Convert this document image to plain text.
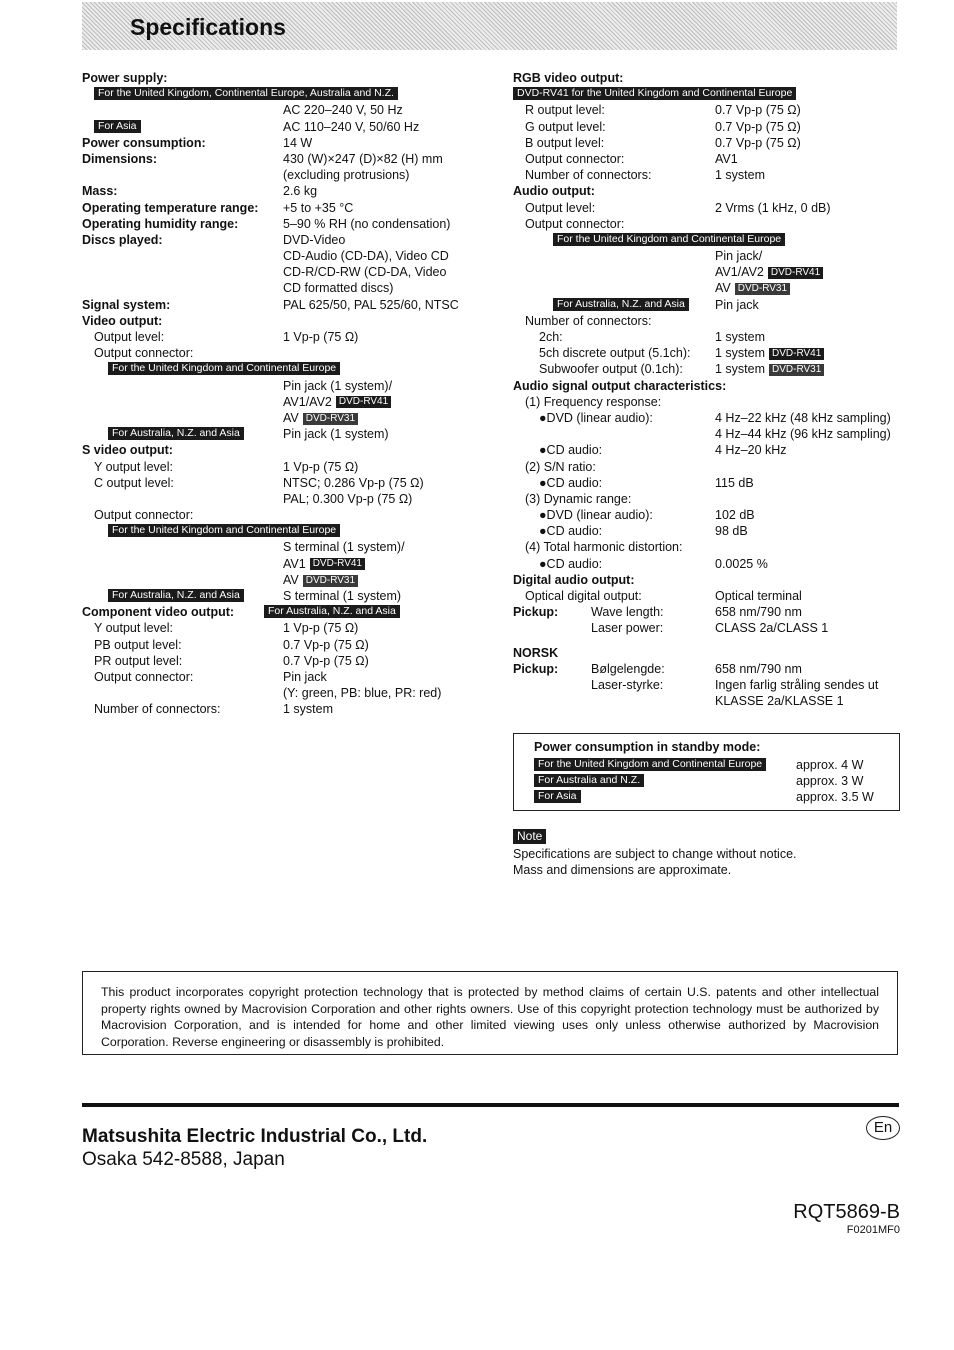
Specifications
Power supply:
For the United Kingdom, Continental Europe, Australia and N.Z.
AC 220–240 V, 50 Hz
For Asia	AC 110–240 V, 50/60 Hz
Power consumption:	14 W
Dimensions:	430 (W)×247 (D)×82 (H) mm
(excluding protrusions)
Mass:	2.6 kg
Operating temperature range: +5 to +35 °C
Operating humidity range:	5–90 % RH (no condensation)
Discs played:	DVD-Video
CD-Audio (CD-DA), Video CD
CD-R/CD-RW (CD-DA, Video
CD formatted discs)
Signal system:	PAL 625/50, PAL 525/60, NTSC
Video output:
Output level:	1 Vp-p (75 Ω)
Output connector:
For the United Kingdom and Continental Europe
Pin jack (1 system)/
AV1/AV2 DVD-RV41
AV DVD-RV31
For Australia, N.Z. and Asia	Pin jack (1 system)
S video output:
Y output level:	1 Vp-p (75 Ω)
C output level:	NTSC; 0.286 Vp-p (75 Ω)
PAL; 0.300 Vp-p (75 Ω)
Output connector:
For the United Kingdom and Continental Europe
S terminal (1 system)/
AV1 DVD-RV41
AV DVD-RV31
For Australia, N.Z. and Asia	S terminal (1 system)
Component video output:	For Australia, N.Z. and Asia
Y output level:	1 Vp-p (75 Ω)
PB output level:	0.7 Vp-p (75 Ω)
PR output level:	0.7 Vp-p (75 Ω)
Output connector:	Pin jack
(Y: green, PB: blue, PR: red)
Number of connectors:	1 system
RGB video output:
DVD-RV41 for the United Kingdom and Continental Europe
R output level:	0.7 Vp-p (75 Ω)
G output level:	0.7 Vp-p (75 Ω)
B output level:	0.7 Vp-p (75 Ω)
Output connector:	AV1
Number of connectors:	1 system
Audio output:
Output level:	2 Vrms (1 kHz, 0 dB)
Output connector:
For the United Kingdom and Continental Europe
Pin jack/
AV1/AV2 DVD-RV41
AV DVD-RV31
For Australia, N.Z. and Asia	Pin jack
Number of connectors:
2ch:	1 system
5ch discrete output (5.1ch): 1 system DVD-RV41
Subwoofer output (0.1ch):	1 system DVD-RV31
Audio signal output characteristics:
(1) Frequency response:
●DVD (linear audio):	4 Hz–22 kHz (48 kHz sampling)
4 Hz–44 kHz (96 kHz sampling)
●CD audio:	4 Hz–20 kHz
(2) S/N ratio:
●CD audio:	115 dB
(3) Dynamic range:
●DVD (linear audio):	102 dB
●CD audio:	98 dB
(4) Total harmonic distortion:
●CD audio:	0.0025 %
Digital audio output:
Optical digital output:	Optical terminal
Pickup:	Wave length:	658 nm/790 nm
Laser power:	CLASS 2a/CLASS 1
NORSK
Pickup:	Bølgelengde:	658 nm/790 nm
Laser-styrke:	Ingen farlig stråling sendes ut
KLASSE 2a/KLASSE 1
Power consumption in standby mode:
For the United Kingdom and Continental Europe	approx. 4 W
For Australia and N.Z.	approx. 3 W
For Asia	approx. 3.5 W
Note
Specifications are subject to change without notice.
Mass and dimensions are approximate.
This product incorporates copyright protection technology that is protected by method claims of certain U.S. patents and other intellectual property rights owned by Macrovision Corporation and other rights owners. Use of this copyright protection technology must be authorized by Macrovision Corporation, and is intended for home and other limited viewing uses only unless otherwise authorized by Macrovision Corporation. Reverse engineering or disassembly is prohibited.
Matsushita Electric Industrial Co., Ltd.
Osaka 542-8588, Japan
En
RQT5869-B
F0201MF0
